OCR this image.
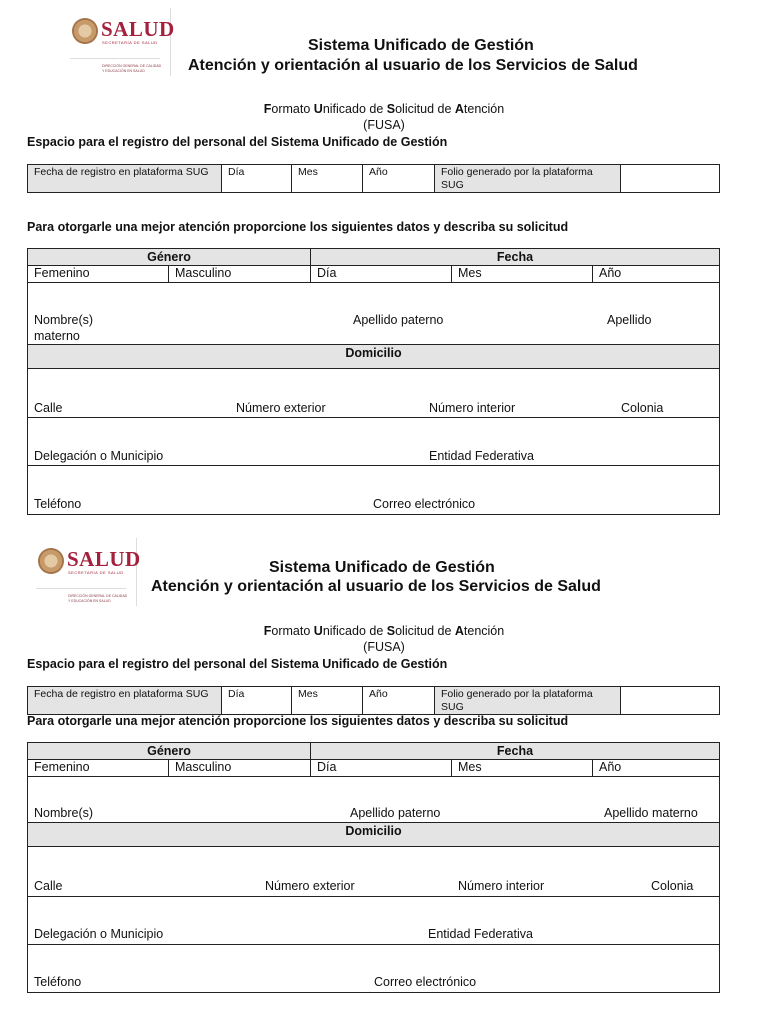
SALUD
SECRETARÍA DE SALUD
DIRECCIÓN GENERAL DE CALIDAD
Y EDUCACIÓN EN SALUD
Sistema Unificado de Gestión
Atención y orientación al usuario de los Servicios de Salud
Formato Unificado de Solicitud de Atención
(FUSA)
Espacio para el registro del personal del Sistema Unificado de Gestión
Fecha de registro en plataforma SUG	Día	Mes	Año	Folio generado por la plataforma SUG
Para otorgarle una mejor atención proporcione los siguientes datos y describa su solicitud
Género	Fecha
Femenino	Masculino	Día	Mes	Año
Nombre(s)	Apellido paterno	Apellido
materno
Domicilio
Calle	Número exterior	Número interior	Colonia
Delegación o Municipio	Entidad Federativa
Teléfono	Correo electrónico
SALUD
SECRETARÍA DE SALUD
DIRECCIÓN GENERAL DE CALIDAD
Y EDUCACIÓN EN SALUD
Sistema Unificado de Gestión
Atención y orientación al usuario de los Servicios de Salud
Formato Unificado de Solicitud de Atención
(FUSA)
Espacio para el registro del personal del Sistema Unificado de Gestión
Fecha de registro en plataforma SUG	Día	Mes	Año	Folio generado por la plataforma SUG
Para otorgarle una mejor atención proporcione los siguientes datos y describa su solicitud
Género	Fecha
Femenino	Masculino	Día	Mes	Año
Nombre(s)	Apellido paterno	Apellido materno
Domicilio
Calle	Número exterior	Número interior	Colonia
Delegación o Municipio	Entidad Federativa
Teléfono	Correo electrónico
